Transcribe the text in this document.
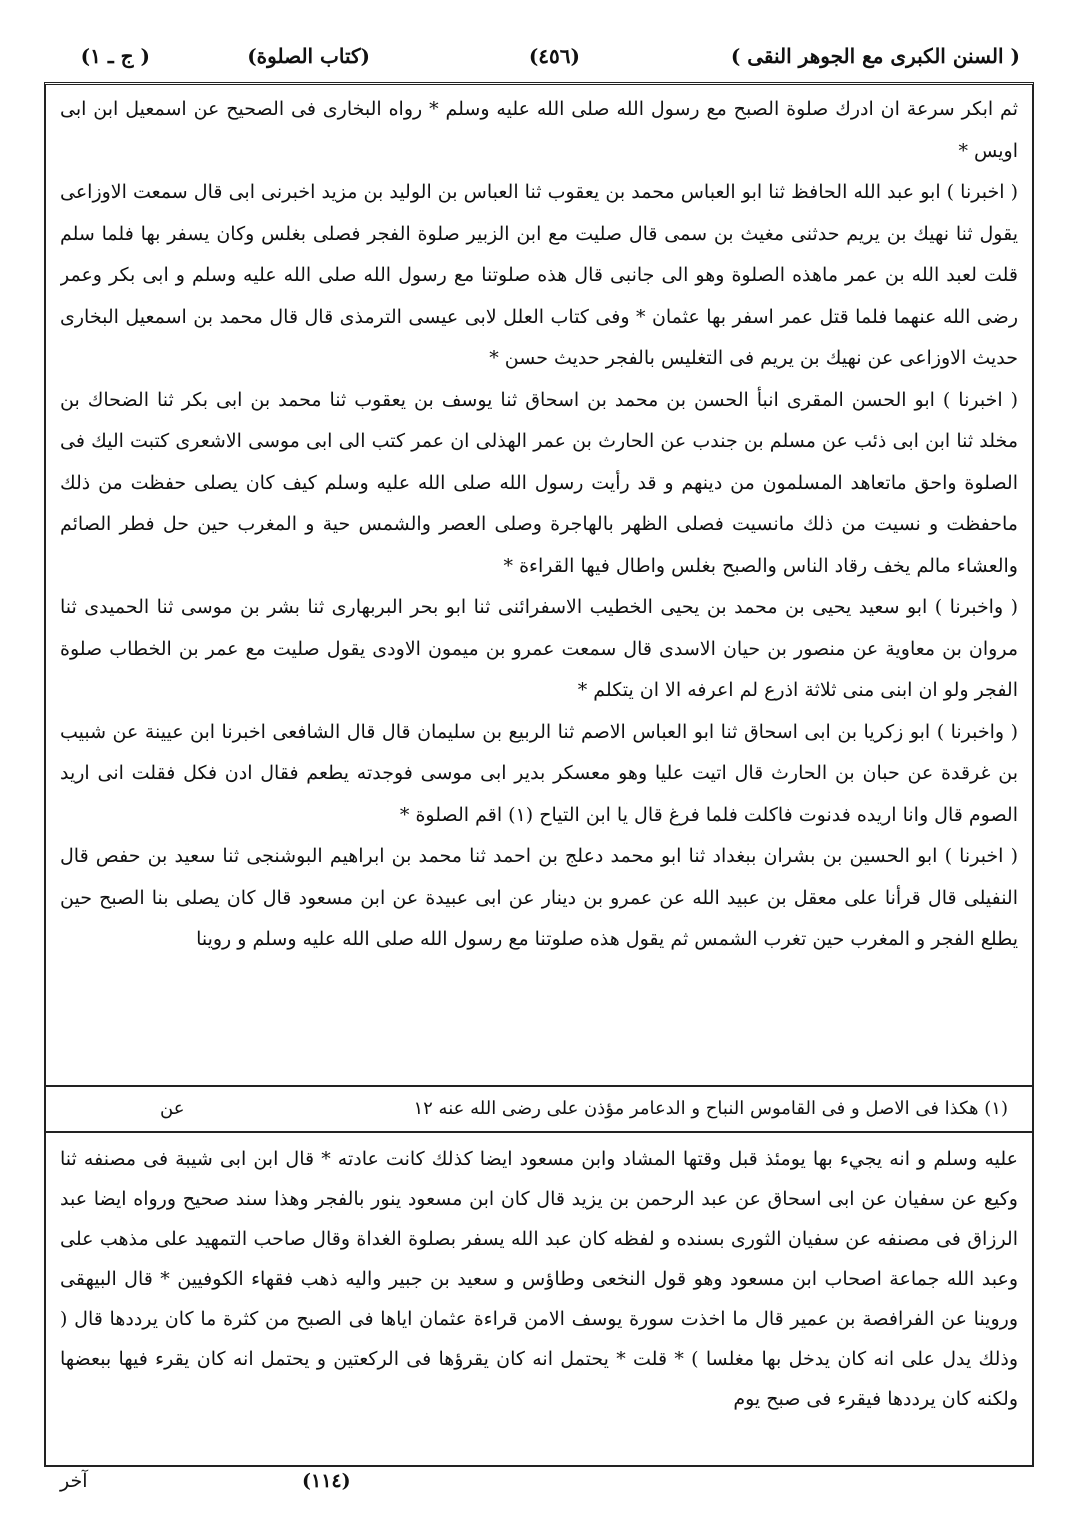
( السنن الكبرى مع الجوهر النقى )
(٤٥٦)
(كتاب الصلوة)
( ج ـ ١)

ثم ابكر سرعة ان ادرك صلوة الصبح مع رسول الله صلى الله عليه وسلم * رواه البخارى فى الصحيح عن اسمعيل ابن ابى اويس *

( اخبرنا ) ابو عبد الله الحافظ ثنا ابو العباس محمد بن يعقوب ثنا العباس بن الوليد بن مزيد اخبرنى ابى قال سمعت الاوزاعى يقول ثنا نهيك بن يريم حدثنى مغيث بن سمى قال صليت مع ابن الزبير صلوة الفجر فصلى بغلس وكان يسفر بها فلما سلم قلت لعبد الله بن عمر ماهذه الصلوة وهو الى جانبى قال هذه صلوتنا مع رسول الله صلى الله عليه وسلم و ابى بكر وعمر رضى الله عنهما فلما قتل عمر اسفر بها عثمان * وفى كتاب العلل لابى عيسى الترمذى قال قال محمد بن اسمعيل البخارى حديث الاوزاعى عن نهيك بن يريم فى التغليس بالفجر حديث حسن *

( اخبرنا ) ابو الحسن المقرى انبأ الحسن بن محمد بن اسحاق ثنا يوسف بن يعقوب ثنا محمد بن ابى بكر ثنا الضحاك بن مخلد ثنا ابن ابى ذئب عن مسلم بن جندب عن الحارث بن عمر الهذلى ان عمر كتب الى ابى موسى الاشعرى كتبت اليك فى الصلوة واحق ماتعاهد المسلمون من دينهم و قد رأيت رسول الله صلى الله عليه وسلم كيف كان يصلى حفظت من ذلك ماحفظت و نسيت من ذلك مانسيت فصلى الظهر بالهاجرة وصلى العصر والشمس حية و المغرب حين حل فطر الصائم والعشاء مالم يخف رقاد الناس والصبح بغلس واطال فيها القراءة *

( واخبرنا ) ابو سعيد يحيى بن محمد بن يحيى الخطيب الاسفرائنى ثنا ابو بحر البربهارى ثنا بشر بن موسى ثنا الحميدى ثنا مروان بن معاوية عن منصور بن حيان الاسدى قال سمعت عمرو بن ميمون الاودى يقول صليت مع عمر بن الخطاب صلوة الفجر ولو ان ابنى منى ثلاثة اذرع لم اعرفه الا ان يتكلم *

( واخبرنا ) ابو زكريا بن ابى اسحاق ثنا ابو العباس الاصم ثنا الربيع بن سليمان قال قال الشافعى اخبرنا ابن عيينة عن شبيب بن غرقدة عن حبان بن الحارث قال اتيت عليا وهو معسكر بدير ابى موسى فوجدته يطعم فقال ادن فكل فقلت انى اريد الصوم قال وانا اريده فدنوت فاكلت فلما فرغ قال يا ابن التياح (١) اقم الصلوة *

( اخبرنا ) ابو الحسين بن بشران ببغداد ثنا ابو محمد دعلج بن احمد ثنا محمد بن ابراهيم البوشنجى ثنا سعيد بن حفص قال النفيلى قال قرأنا على معقل بن عبيد الله عن عمرو بن دينار عن ابى عبيدة عن ابن مسعود قال كان يصلى بنا الصبح حين يطلع الفجر و المغرب حين تغرب الشمس ثم يقول هذه صلوتنا مع رسول الله صلى الله عليه وسلم و روينا

(١) هكذا فى الاصل و فى القاموس النباح و الدعامر مؤذن على رضى الله عنه ١٢
عن

عليه وسلم و انه يجيء بها يومئذ قبل وقتها المشاد وابن مسعود ايضا كذلك كانت عادته * قال ابن ابى شيبة فى مصنفه ثنا وكيع عن سفيان عن ابى اسحاق عن عبد الرحمن بن يزيد قال كان ابن مسعود ينور بالفجر وهذا سند صحيح ورواه ايضا عبد الرزاق فى مصنفه عن سفيان الثورى بسنده و لفظه كان عبد الله يسفر بصلوة الغداة وقال صاحب التمهيد على مذهب على وعبد الله جماعة اصحاب ابن مسعود وهو قول النخعى وطاؤس و سعيد بن جبير واليه ذهب فقهاء الكوفيين * قال البيهقى وروينا عن الفرافصة بن عمير قال ما اخذت سورة يوسف الامن قراءة عثمان اياها فى الصبح من كثرة ما كان يرددها قال ( وذلك يدل على انه كان يدخل بها مغلسا ) * قلت * يحتمل انه كان يقرؤها فى الركعتين و يحتمل انه كان يقرء فيها ببعضها ولكنه كان يرددها فيقرء فى صبح يوم

آخر	(١١٤)
